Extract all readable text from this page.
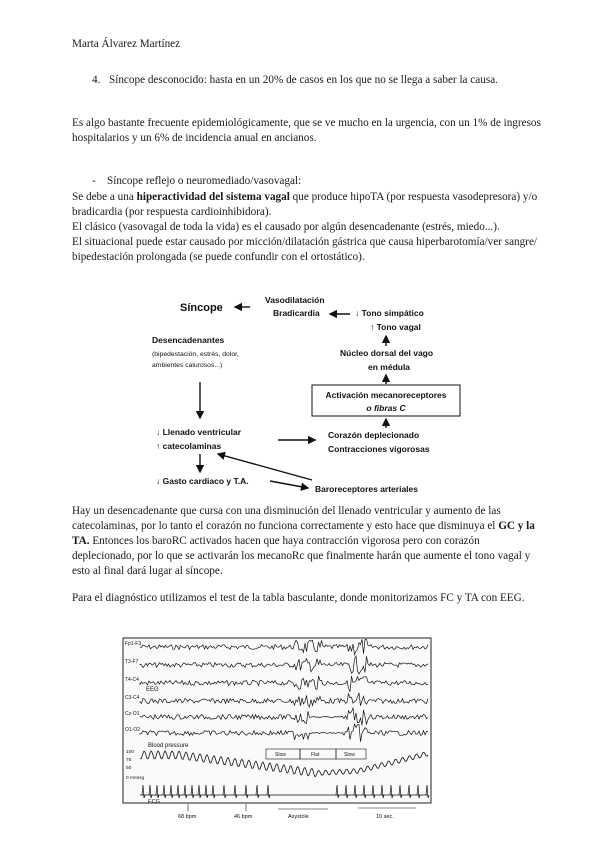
Marta Álvarez Martínez

4. Síncope desconocido: hasta en un 20% de casos en los que no se llega a saber la causa.

Es algo bastante frecuente epidemiológicamente, que se ve mucho en la urgencia, con un 1% de ingresos hospitalarios y un 6% de incidencia anual en ancianos.

- Síncope reflejo o neuromediado/vasovagal:

Se debe a una hiperactividad del sistema vagal que produce hipoTA (por respuesta vasodepresora) y/o bradicardia (por respuesta cardioinhibidora).
El clásico (vasovagal de toda la vida) es el causado por algún desencadenante (estrés, miedo...).
El situacional puede estar causado por micción/dilatación gástrica que causa hiperbarotomía/ver sangre/ bipedestación prolongada (se puede confundir con el ortostático).

Síncope
Vasodilatación
Bradicardia	↓ Tono simpático
↑ Tono vagal
Núcleo dorsal del vago
en médula
Activación mecanoreceptores
o fibras C
Desencadenantes
(bipedestación, estrés, dolor,
ambientes calurosos...)
↓ Llenado ventricular
↑ catecolaminas
Corazón deplecionado
Contracciones vigorosas
↓ Gasto cardiaco y T.A.
Baroreceptores arteriales

Hay un desencadenante que cursa con una disminución del llenado ventricular y aumento de las catecolaminas, por lo tanto el corazón no funciona correctamente y esto hace que disminuya el GC y la TA. Entonces los baroRC activados hacen que haya contracción vigorosa pero con corazón deplecionado, por lo que se activarán los mecanoRc que finalmente harán que aumente el tono vagal y esto al final dará lugar al síncope.

Para el diagnóstico utilizamos el test de la tabla basculante, donde monitorizamos FC y TA con EEG.

Fp1-F3
T3-F7
T4-C4
C3-C4
Cz-O1
O1-O2
EEG
Blood pressure
100
75
50
0 mmHg
Slow	Flat	Slow
ECG
68 bpm	46 bpm	Asystole	10 sec.
